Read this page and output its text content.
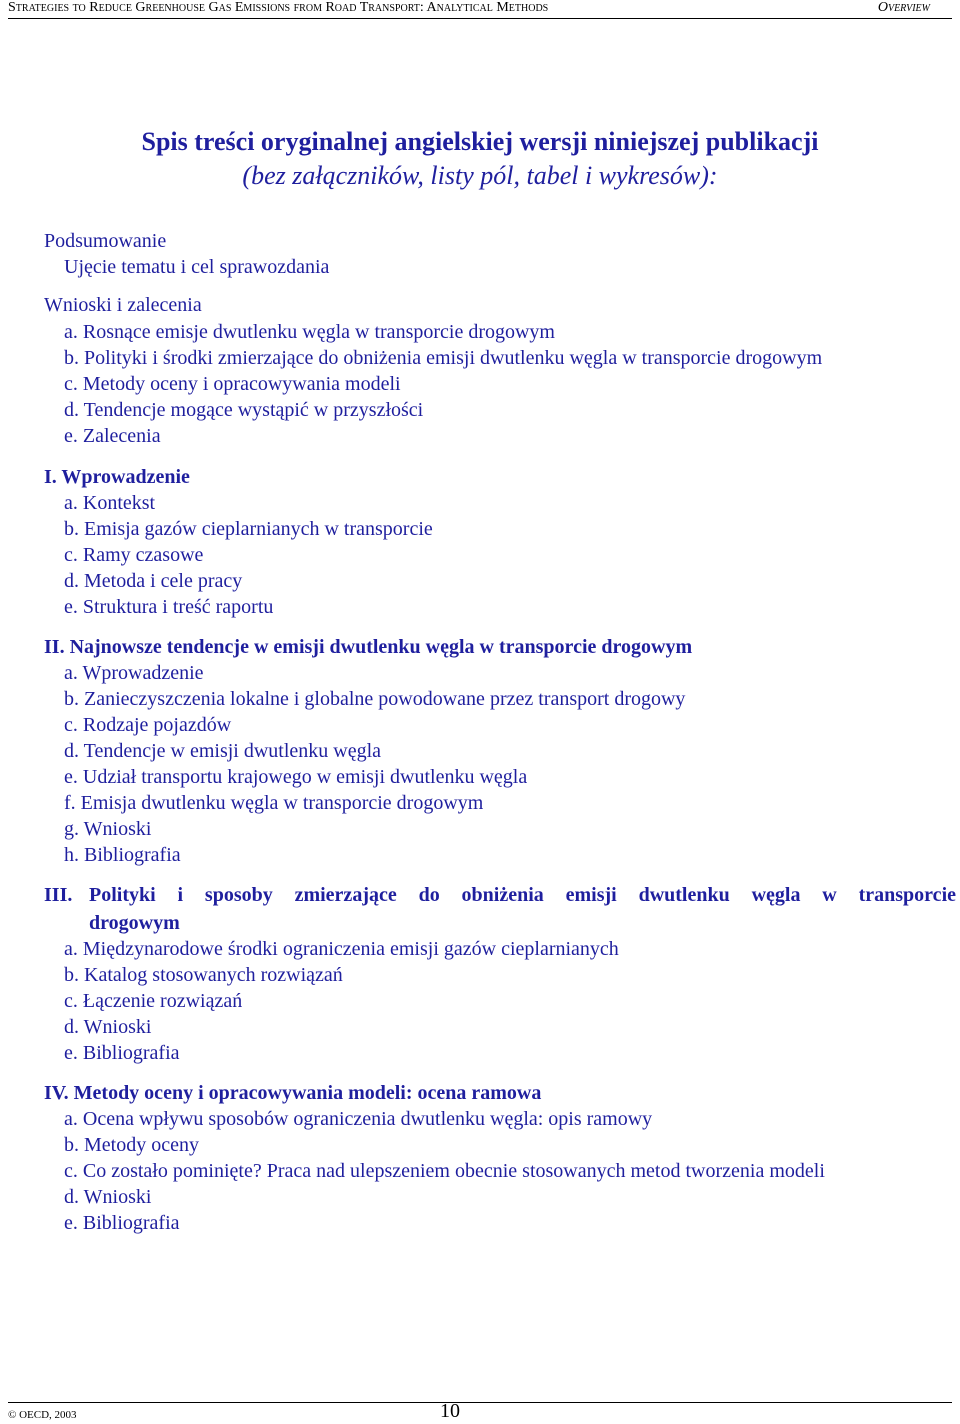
Strategies to Reduce Greenhouse Gas Emissions from Road Transport: Analytical Methods	Overview
Spis treści oryginalnej angielskiej wersji niniejszej publikacji
(bez załączników, listy pól, tabel i wykresów):
Podsumowanie
Ujęcie tematu i cel sprawozdania
Wnioski i zalecenia
a. Rosnące emisje dwutlenku węgla w transporcie drogowym
b. Polityki i środki zmierzające do obniżenia emisji dwutlenku węgla w transporcie drogowym
c. Metody oceny i opracowywania modeli
d. Tendencje mogące wystąpić w przyszłości
e. Zalecenia
I. Wprowadzenie
a. Kontekst
b. Emisja gazów cieplarnianych w transporcie
c. Ramy czasowe
d. Metoda i cele pracy
e. Struktura i treść raportu
II. Najnowsze tendencje w emisji dwutlenku węgla w transporcie drogowym
a. Wprowadzenie
b. Zanieczyszczenia lokalne i globalne powodowane przez transport drogowy
c. Rodzaje pojazdów
d. Tendencje w emisji dwutlenku węgla
e. Udział transportu krajowego w emisji dwutlenku węgla
f. Emisja dwutlenku węgla w transporcie drogowym
g. Wnioski
h. Bibliografia
III. Polityki i sposoby zmierzające do obniżenia emisji dwutlenku węgla w transporcie
drogowym
a. Międzynarodowe środki ograniczenia emisji gazów cieplarnianych
b. Katalog stosowanych rozwiązań
c. Łączenie rozwiązań
d. Wnioski
e. Bibliografia
IV. Metody oceny i opracowywania modeli: ocena ramowa
a. Ocena wpływu sposobów ograniczenia dwutlenku węgla: opis ramowy
b. Metody oceny
c. Co zostało pominięte? Praca nad ulepszeniem obecnie stosowanych metod tworzenia modeli
d. Wnioski
e. Bibliografia
© OECD, 2003	10
